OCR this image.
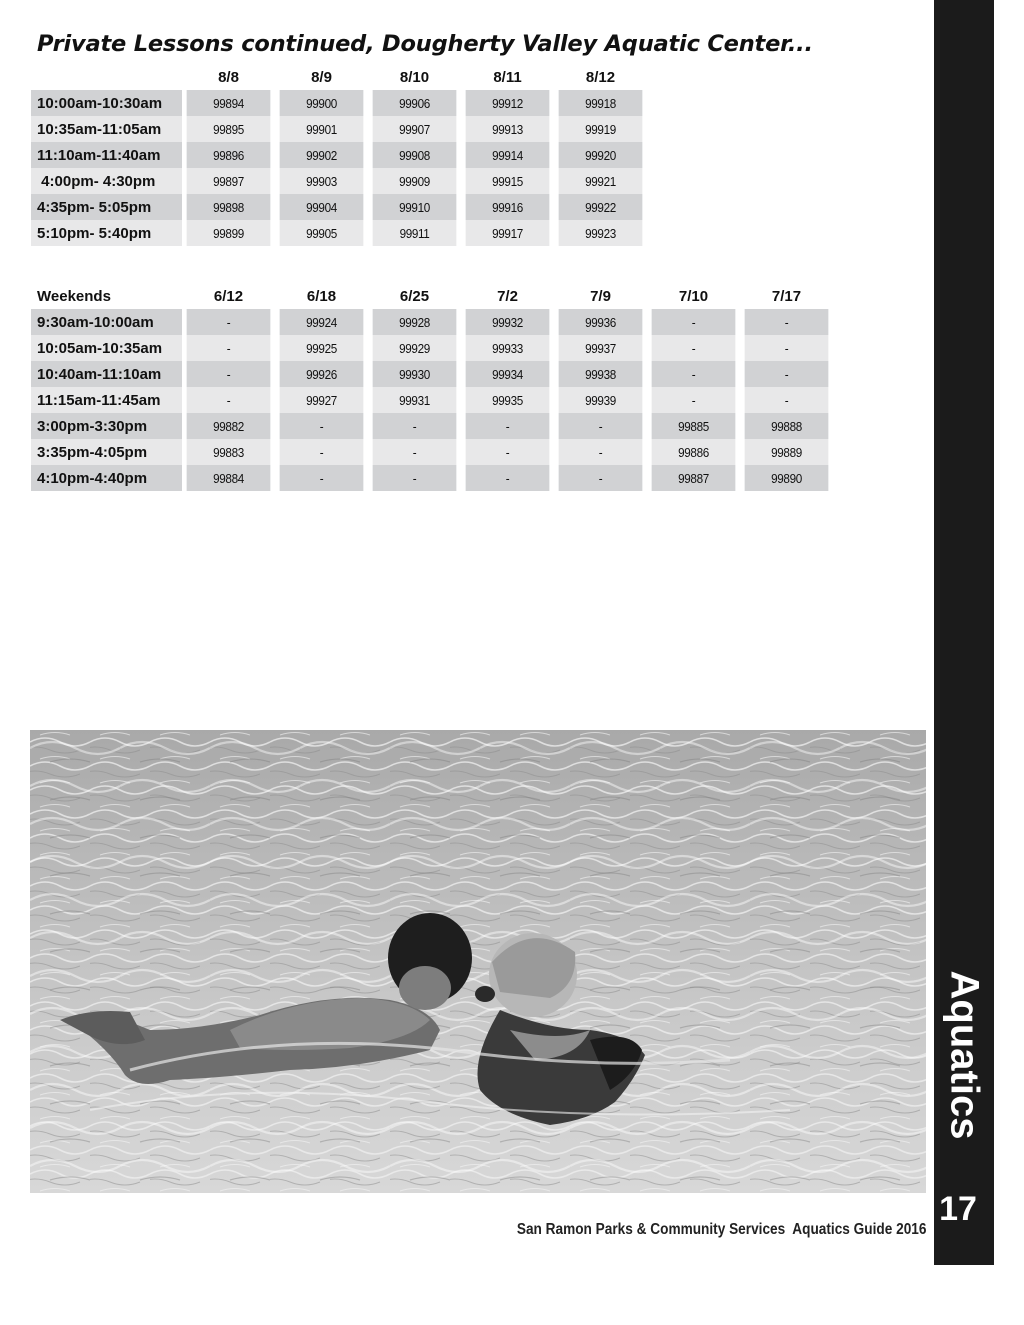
Private Lessons continued, Dougherty Valley Aquatic Center...
	8/8	8/9	8/10	8/11	8/12
10:00am-10:30am	99894	99900	99906	99912	99918
10:35am-11:05am	99895	99901	99907	99913	99919
11:10am-11:40am	99896	99902	99908	99914	99920
4:00pm- 4:30pm	99897	99903	99909	99915	99921
4:35pm- 5:05pm	99898	99904	99910	99916	99922
5:10pm- 5:40pm	99899	99905	99911	99917	99923
Weekends	6/12	6/18	6/25	7/2	7/9	7/10	7/17
9:30am-10:00am	-	99924	99928	99932	99936	-	-
10:05am-10:35am	-	99925	99929	99933	99937	-	-
10:40am-11:10am	-	99926	99930	99934	99938	-	-
11:15am-11:45am	-	99927	99931	99935	99939	-	-
3:00pm-3:30pm	99882	-	-	-	-	99885	99888
3:35pm-4:05pm	99883	-	-	-	-	99886	99889
4:10pm-4:40pm	99884	-	-	-	-	99887	99890
Aquatics
17
San Ramon Parks & Community Services  Aquatics Guide 2016
